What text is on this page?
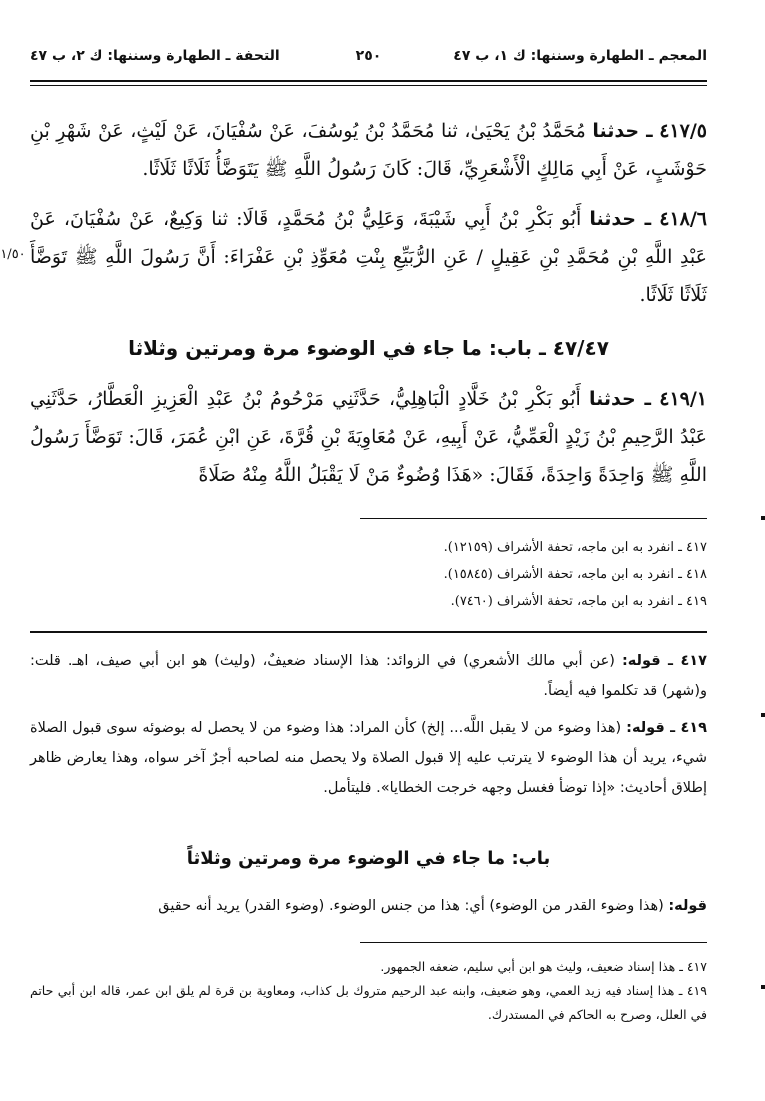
المعجم ـ الطهارة وسننها: ك ١، ب ٤٧
٢٥٠
التحفة ـ الطهارة وسننها: ك ٢، ب ٤٧
٤١٧/٥ ـ حدثنا مُحَمَّدُ بْنُ يَحْيَىٰ، ثنا مُحَمَّدُ بْنُ يُوسُفَ، عَنْ سُفْيَانَ، عَنْ لَيْثٍ، عَنْ شَهْرِ بْنِ حَوْشَبٍ، عَنْ أَبِي مَالِكٍ الْأَشْعَرِيِّ، قَالَ: كَانَ رَسُولُ اللَّهِ ﷺ يَتَوَضَّأُ ثَلَاثًا ثَلَاثًا.
٤١٨/٦ ـ حدثنا أَبُو بَكْرِ بْنُ أَبِي شَيْبَةَ، وَعَلِيُّ بْنُ مُحَمَّدٍ، قَالَا: ثنا وَكِيعٌ، عَنْ سُفْيَانَ، عَنْ عَبْدِ اللَّهِ بْنِ مُحَمَّدِ بْنِ عَقِيلٍ / عَنِ الرُّبَيِّعِ بِنْتِ مُعَوِّذِ بْنِ عَفْرَاءَ: أَنَّ رَسُولَ اللَّهِ ﷺ تَوَضَّأَ ثَلَاثًا ثَلَاثًا.
١/٥٠
٤٧/٤٧ ـ باب: ما جاء في الوضوء مرة ومرتين وثلاثا
٤١٩/١ ـ حدثنا أَبُو بَكْرِ بْنُ خَلَّادٍ الْبَاهِلِيُّ، حَدَّثَنِي مَرْحُومُ بْنُ عَبْدِ الْعَزِيزِ الْعَطَّارُ، حَدَّثَنِي عَبْدُ الرَّحِيمِ بْنُ زَيْدٍ الْعَمِّيُّ، عَنْ أَبِيهِ، عَنْ مُعَاوِيَةَ بْنِ قُرَّةَ، عَنِ ابْنِ عُمَرَ، قَالَ: تَوَضَّأَ رَسُولُ اللَّهِ ﷺ وَاحِدَةً وَاحِدَةً، فَقَالَ: «هَذَا وُضُوءٌ مَنْ لَا يَقْبَلُ اللَّهُ مِنْهُ صَلَاةً
٤١٧ ـ انفرد به ابن ماجه، تحفة الأشراف (١٢١٥٩).
٤١٨ ـ انفرد به ابن ماجه، تحفة الأشراف (١٥٨٤٥).
٤١٩ ـ انفرد به ابن ماجه، تحفة الأشراف (٧٤٦٠).
٤١٧ ـ قوله: (عن أبي مالك الأشعري) في الزوائد: هذا الإسناد ضعيفٌ، (وليث) هو ابن أبي صيف، اهـ. قلت: و(شهر) قد تكلموا فيه أيضاً.
٤١٩ ـ قوله: (هذا وضوء من لا يقبل اللَّه... إلخ) كأن المراد: هذا وضوء من لا يحصل له بوضوئه سوى قبول الصلاة شيء، يريد أن هذا الوضوء لا يترتب عليه إلا قبول الصلاة ولا يحصل منه لصاحبه أجرٌ آخر سواه، وهذا يعارض ظاهر إطلاق أحاديث: «إذا توضأ فغسل وجهه خرجت الخطايا». فليتأمل.
باب: ما جاء في الوضوء مرة ومرتين وثلاثاً
قوله: (هذا وضوء القدر من الوضوء) أي: هذا من جنس الوضوء. (وضوء القدر) يريد أنه حقيق
٤١٧ ـ هذا إسناد ضعيف، وليث هو ابن أبي سليم، ضعفه الجمهور.
٤١٩ ـ هذا إسناد فيه زيد العمي، وهو ضعيف، وابنه عبد الرحيم متروك بل كذاب، ومعاوية بن قرة لم يلق ابن عمر، قاله ابن أبي حاتم في العلل، وصرح به الحاكم في المستدرك.
